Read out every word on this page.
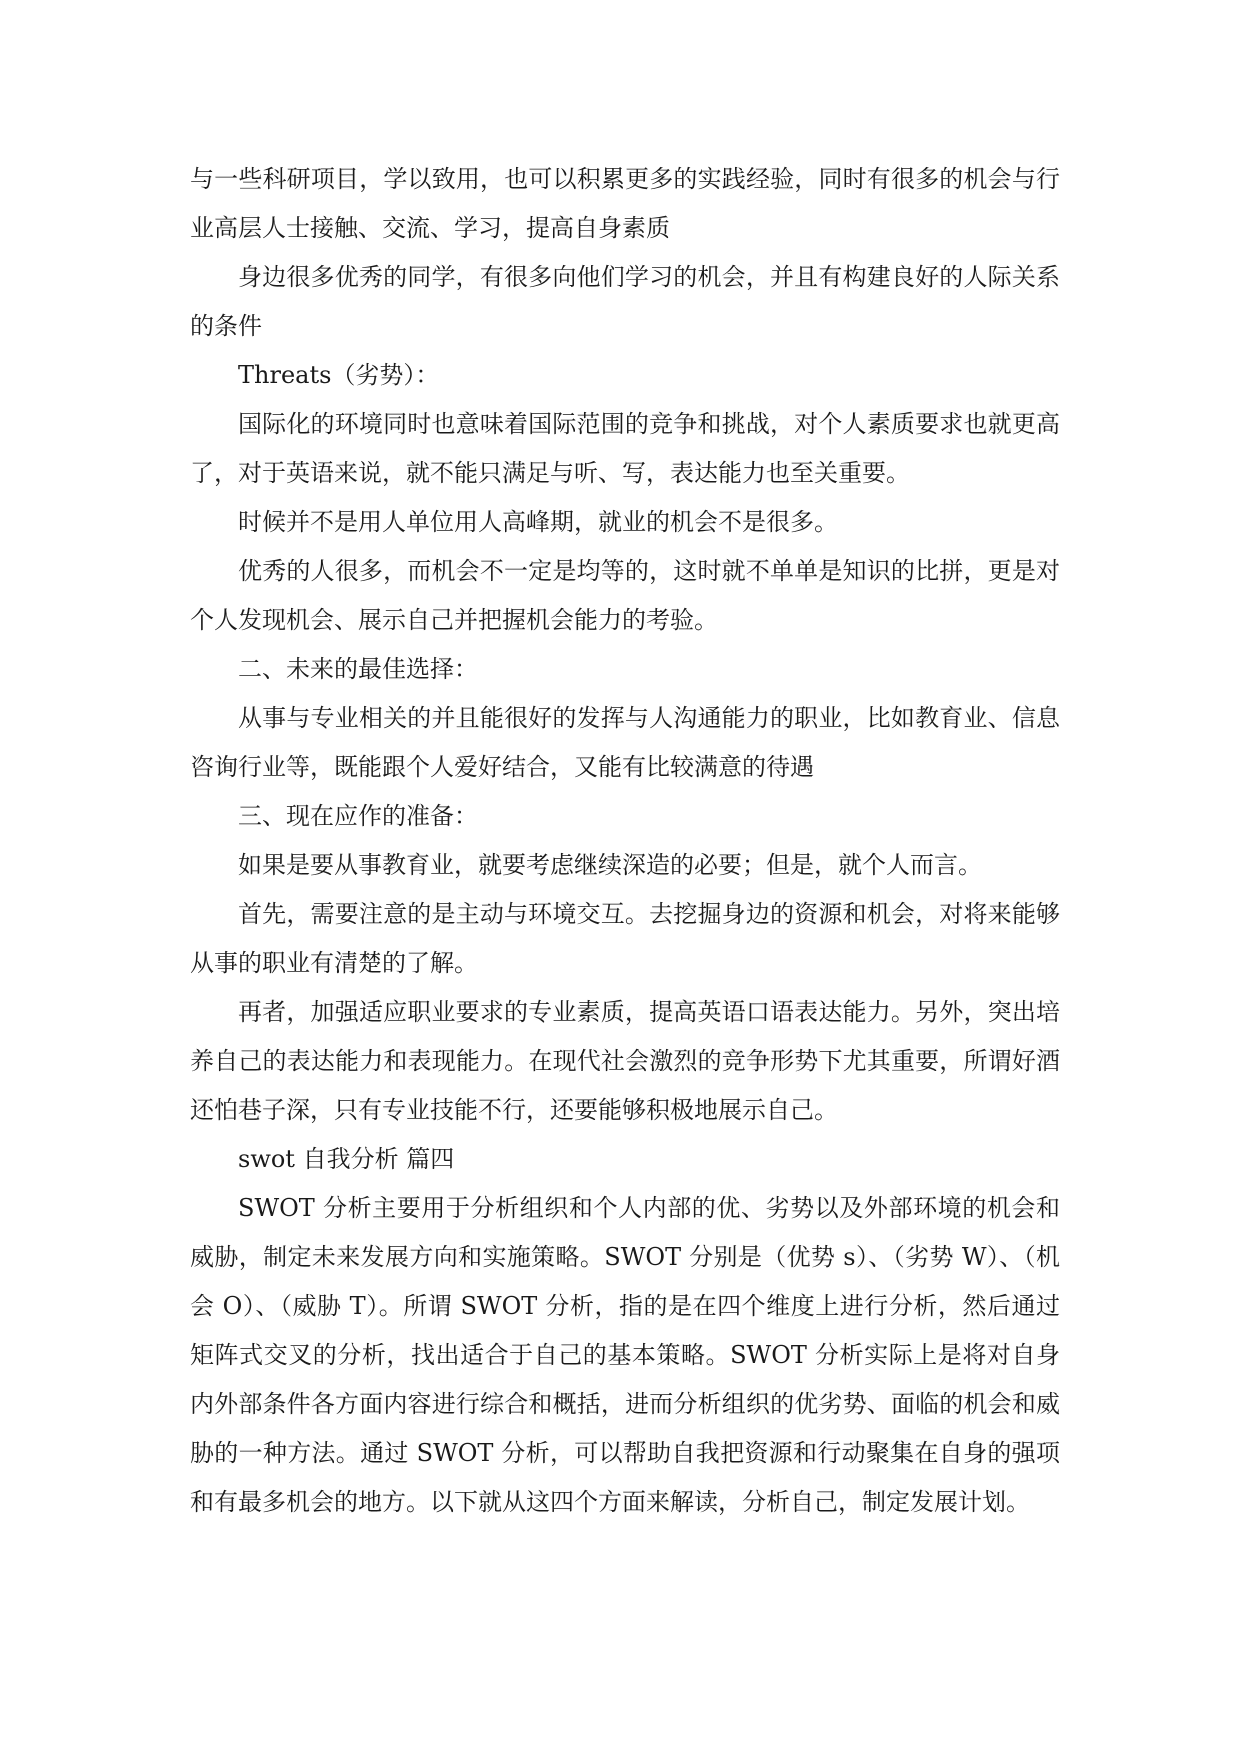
与一些科研项目，学以致用，也可以积累更多的实践经验，同时有很多的机会与行业高层人士接触、交流、学习，提高自身素质

身边很多优秀的同学，有很多向他们学习的机会，并且有构建良好的人际关系的条件

Threats（劣势）：

国际化的环境同时也意味着国际范围的竞争和挑战，对个人素质要求也就更高了，对于英语来说，就不能只满足与听、写，表达能力也至关重要。

时候并不是用人单位用人高峰期，就业的机会不是很多。

优秀的人很多，而机会不一定是均等的，这时就不单单是知识的比拼，更是对个人发现机会、展示自己并把握机会能力的考验。

二、未来的最佳选择：

从事与专业相关的并且能很好的发挥与人沟通能力的职业，比如教育业、信息咨询行业等，既能跟个人爱好结合，又能有比较满意的待遇

三、现在应作的准备：

如果是要从事教育业，就要考虑继续深造的必要；但是，就个人而言。

首先，需要注意的是主动与环境交互。去挖掘身边的资源和机会，对将来能够从事的职业有清楚的了解。

再者，加强适应职业要求的专业素质，提高英语口语表达能力。另外，突出培养自己的表达能力和表现能力。在现代社会激烈的竞争形势下尤其重要，所谓好酒还怕巷子深，只有专业技能不行，还要能够积极地展示自己。

swot 自我分析 篇四

SWOT 分析主要用于分析组织和个人内部的优、劣势以及外部环境的机会和威胁，制定未来发展方向和实施策略。SWOT 分别是（优势 s）、（劣势 W）、（机会 O）、（威胁 T）。所谓 SWOT 分析，指的是在四个维度上进行分析，然后通过矩阵式交叉的分析，找出适合于自己的基本策略。SWOT 分析实际上是将对自身内外部条件各方面内容进行综合和概括，进而分析组织的优劣势、面临的机会和威胁的一种方法。通过 SWOT 分析，可以帮助自我把资源和行动聚集在自身的强项和有最多机会的地方。以下就从这四个方面来解读，分析自己，制定发展计划。
